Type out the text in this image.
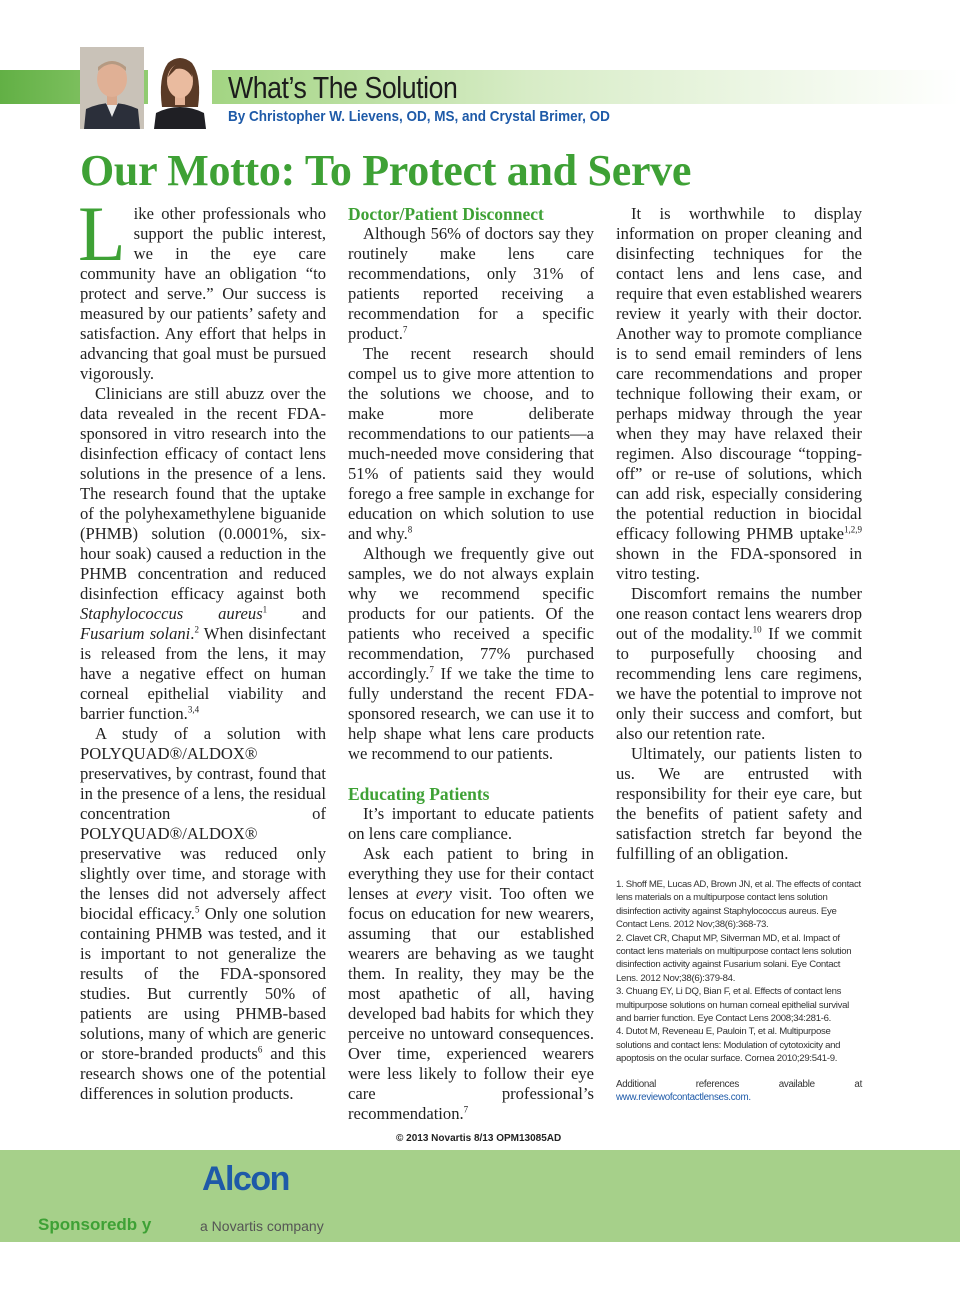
What’s The Solution
By Christopher W. Lievens, OD, MS, and Crystal Brimer, OD
Our Motto: To Protect and Serve

Like other professionals who support the public interest, we in the eye care community have an obligation “to protect and serve.” Our success is measured by our patients’ safety and satisfaction. Any effort that helps in advancing that goal must be pursued vigorously.

Clinicians are still abuzz over the data revealed in the recent FDA-sponsored in vitro research into the disinfection efficacy of contact lens solutions in the presence of a lens. The research found that the uptake of the polyhexamethylene biguanide (PHMB) solution (0.0001%, six-hour soak) caused a reduction in the PHMB concentration and reduced disinfection efficacy against both Staphylococcus aureus$^1$ and Fusarium solani.$^2$ When disinfectant is released from the lens, it may have a negative effect on human corneal epithelial viability and barrier function.$^{3,4}$

A study of a solution with POLYQUAD®/ALDOX® preservatives, by contrast, found that in the presence of a lens, the residual concentration of POLYQUAD®/ALDOX® preservative was reduced only slightly over time, and storage with the lenses did not adversely affect biocidal efficacy.$^5$ Only one solution containing PHMB was tested, and it is important to not generalize the results of the FDA-sponsored studies. But currently 50% of patients are using PHMB-based solutions, many of which are generic or store-branded products$^6$ and this research shows one of the potential differences in solution products.

Doctor/Patient Disconnect

Although 56% of doctors say they routinely make lens care recommendations, only 31% of patients reported receiving a recommendation for a specific product.$^7$

The recent research should compel us to give more attention to the solutions we choose, and to make more deliberate recommendations to our patients—a much-needed move considering that 51% of patients said they would forego a free sample in exchange for education on which solution to use and why.$^8$

Although we frequently give out samples, we do not always explain why we recommend specific products for our patients. Of the patients who received a specific recommendation, 77% purchased accordingly.$^7$ If we take the time to fully understand the recent FDA-sponsored research, we can use it to help shape what lens care products we recommend to our patients.

Educating Patients

It’s important to educate patients on lens care compliance.

Ask each patient to bring in everything they use for their contact lenses at every visit. Too often we focus on education for new wearers, assuming that our established wearers are behaving as we taught them. In reality, they may be the most apathetic of all, having developed bad habits for which they perceive no untoward consequences. Over time, experienced wearers were less likely to follow their eye care professional’s recommendation.$^7$

It is worthwhile to display information on proper cleaning and disinfecting techniques for the contact lens and lens case, and require that even established wearers review it yearly with their doctor. Another way to promote compliance is to send email reminders of lens care recommendations and proper technique following their exam, or perhaps midway through the year when they may have relaxed their regimen. Also discourage “topping-off” or re-use of solutions, which can add risk, especially considering the potential reduction in biocidal efficacy following PHMB uptake$^{1,2,9}$ shown in the FDA-sponsored in vitro testing.

Discomfort remains the number one reason contact lens wearers drop out of the modality.$^{10}$ If we commit to purposefully choosing and recommending lens care regimens, we have the potential to improve not only their success and comfort, but also our retention rate.

Ultimately, our patients listen to us. We are entrusted with responsibility for their eye care, but the benefits of patient safety and satisfaction stretch far beyond the fulfilling of an obligation.

1. Shoff ME, Lucas AD, Brown JN, et al. The effects of contact lens materials on a multipurpose contact lens solution disinfection activity against Staphylococcus aureus. Eye Contact Lens. 2012 Nov;38(6):368-73.

2. Clavet CR, Chaput MP, Silverman MD, et al. Impact of contact lens materials on multipurpose contact lens solution disinfection activity against Fusarium solani. Eye Contact Lens. 2012 Nov;38(6):379-84.

3. Chuang EY, Li DQ, Bian F, et al. Effects of contact lens multipurpose solutions on human corneal epithelial survival and barrier function. Eye Contact Lens 2008;34:281-6.

4. Dutot M, Reveneau E, Pauloin T, et al. Multipurpose solutions and contact lens: Modulation of cytotoxicity and apoptosis on the ocular surface. Cornea 2010;29:541-9.

Additional references available at www.reviewofcontactlenses.com.
© 2013 Novartis 8/13 OPM13085AD
Sponsoredb y
Alcon
a Novartis company
